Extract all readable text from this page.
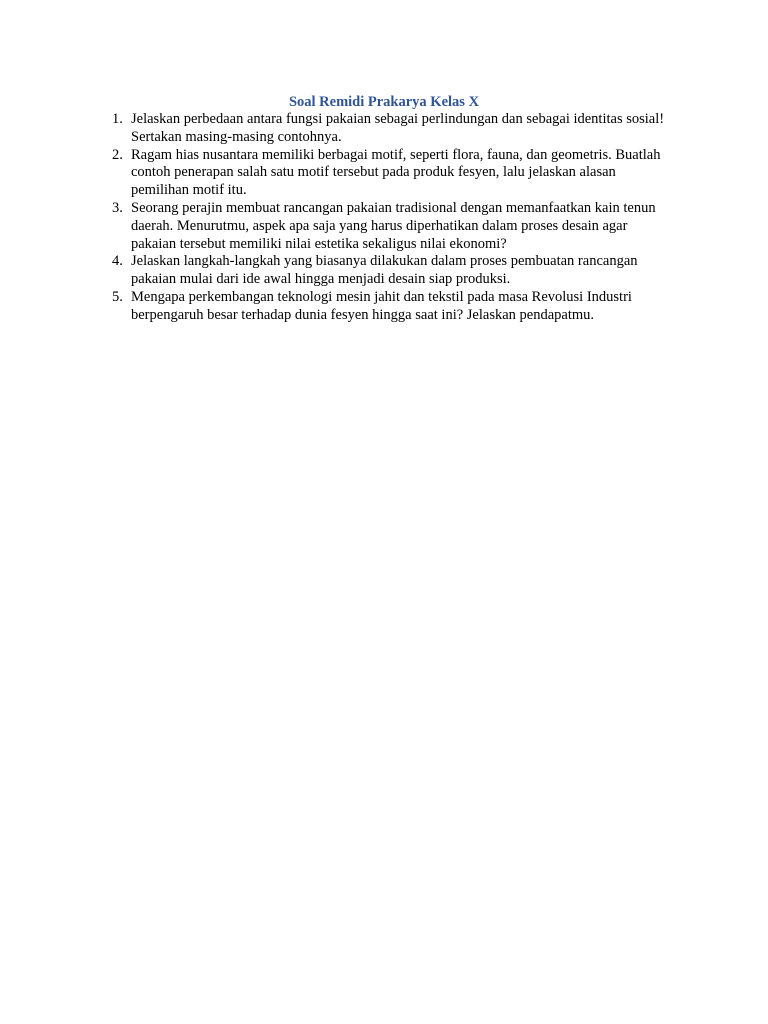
Soal Remidi Prakarya Kelas X
1. Jelaskan perbedaan antara fungsi pakaian sebagai perlindungan dan sebagai identitas sosial! Sertakan masing-masing contohnya.
2. Ragam hias nusantara memiliki berbagai motif, seperti flora, fauna, dan geometris. Buatlah contoh penerapan salah satu motif tersebut pada produk fesyen, lalu jelaskan alasan pemilihan motif itu.
3. Seorang perajin membuat rancangan pakaian tradisional dengan memanfaatkan kain tenun daerah. Menurutmu, aspek apa saja yang harus diperhatikan dalam proses desain agar pakaian tersebut memiliki nilai estetika sekaligus nilai ekonomi?
4. Jelaskan langkah-langkah yang biasanya dilakukan dalam proses pembuatan rancangan pakaian mulai dari ide awal hingga menjadi desain siap produksi.
5. Mengapa perkembangan teknologi mesin jahit dan tekstil pada masa Revolusi Industri berpengaruh besar terhadap dunia fesyen hingga saat ini? Jelaskan pendapatmu.
